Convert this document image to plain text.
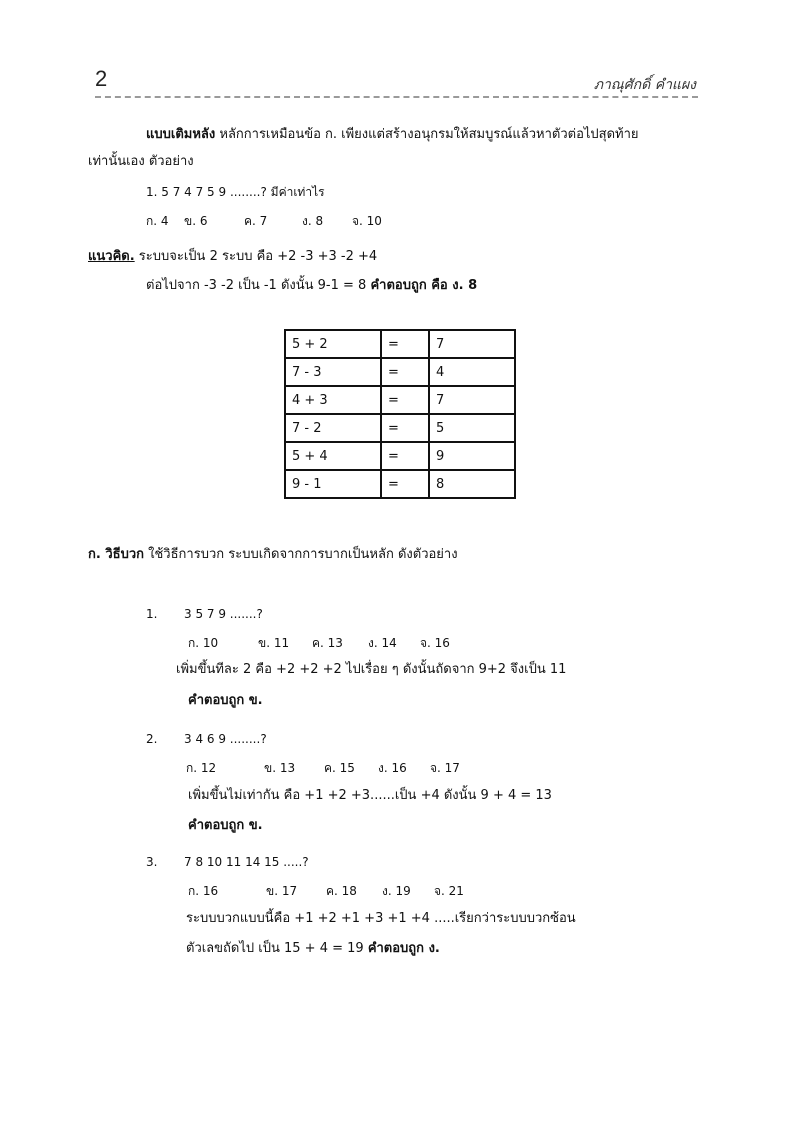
2	ภาณุศักดิ์ คำแผง
แบบเติมหลัง หลักการเหมือนข้อ ก. เพียงแต่สร้างอนุกรมให้สมบูรณ์แล้วหาตัวต่อไปสุดท้าย
เท่านั้นเอง ตัวอย่าง
1. 5 7 4 7 5 9 ........? มีค่าเท่าไร
ก. 4 ข. 6	ค. 7	ง. 8 จ. 10
แนวคิด. ระบบจะเป็น 2 ระบบ คือ +2 -3 +3 -2 +4
ต่อไปจาก -3 -2 เป็น -1 ดังนั้น 9-1 = 8 คำตอบถูก คือ ง. 8
5 + 2	=	7
7 - 3	=	4
4 + 3	=	7
7 - 2	=	5
5 + 4	=	9
9 - 1	=	8
ก. วิธีบวก ใช้วิธีการบวก ระบบเกิดจากการบากเป็นหลัก ดังตัวอย่าง
1. 3 5 7 9 .......?
ก. 10	ข. 11 ค. 13 ง. 14 จ. 16
เพิ่มขึ้นทีละ 2 คือ +2 +2 +2 ไปเรื่อย ๆ ดังนั้นถัดจาก 9+2 จึงเป็น 11
คำตอบถูก ข.
2. 3 4 6 9 ........?
ก. 12	ข. 13 ค. 15 ง. 16 จ. 17
เพิ่มขึ้นไม่เท่ากัน คือ +1 +2 +3......เป็น +4 ดังนั้น 9 + 4 = 13
คำตอบถูก ข.
3. 7 8 10 11 14 15 .....?
ก. 16	ข. 17 ค. 18 ง. 19 จ. 21
ระบบบวกแบบนี้คือ +1 +2 +1 +3 +1 +4 .....เรียกว่าระบบบวกซ้อน
ตัวเลขถัดไป เป็น 15 + 4 = 19 คำตอบถูก ง.
